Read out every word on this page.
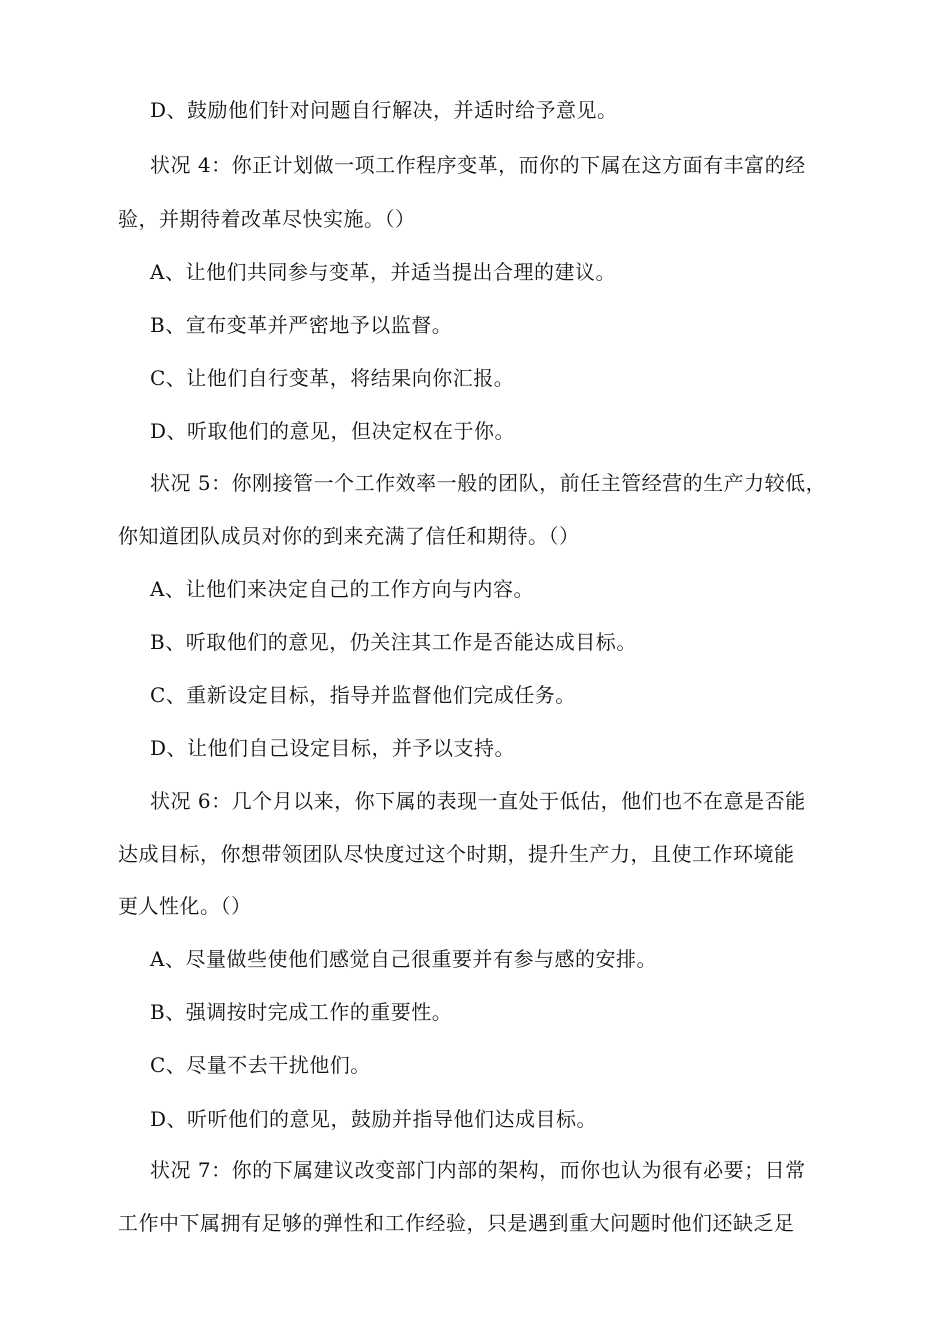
D、鼓励他们针对问题自行解决，并适时给予意见。
状况 4：你正计划做一项工作程序变革，而你的下属在这方面有丰富的经
验，并期待着改革尽快实施。（）
A、让他们共同参与变革，并适当提出合理的建议。
B、宣布变革并严密地予以监督。
C、让他们自行变革，将结果向你汇报。
D、听取他们的意见，但决定权在于你。
状况 5：你刚接管一个工作效率一般的团队，前任主管经营的生产力较低，
你知道团队成员对你的到来充满了信任和期待。（）
A、让他们来决定自己的工作方向与内容。
B、听取他们的意见，仍关注其工作是否能达成目标。
C、重新设定目标，指导并监督他们完成任务。
D、让他们自己设定目标，并予以支持。
状况 6：几个月以来，你下属的表现一直处于低估，他们也不在意是否能
达成目标，你想带领团队尽快度过这个时期，提升生产力，且使工作环境能
更人性化。（）
A、尽量做些使他们感觉自己很重要并有参与感的安排。
B、强调按时完成工作的重要性。
C、尽量不去干扰他们。
D、听听他们的意见，鼓励并指导他们达成目标。
状况 7：你的下属建议改变部门内部的架构，而你也认为很有必要；日常
工作中下属拥有足够的弹性和工作经验，只是遇到重大问题时他们还缺乏足
